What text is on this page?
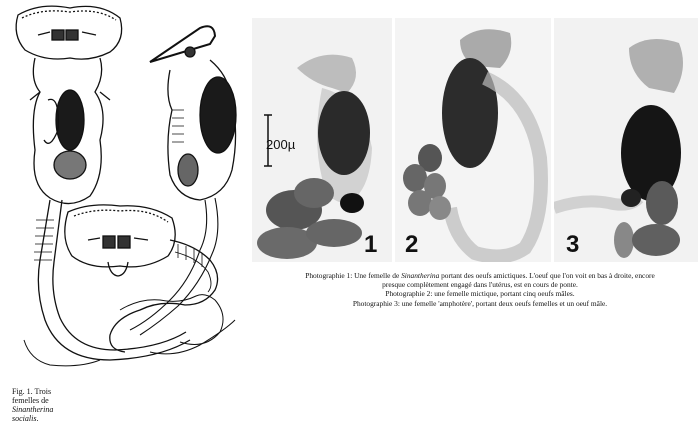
200µ
1 2	3
Photographie 1: Une femelle de Sinantherina portant des oeufs amictiques. L'oeuf que l'on voit en bas à droite, encore
presque complètement engagé dans l'utérus, est en cours de ponte.
Photographie 2: une femelle mictique, portant cinq oeufs mâles.
Photographie 3: une femelle 'amphotère', portant deux oeufs femelles et un oeuf mâle.
Fig. 1. Trois femelles de Sinantherina socialis.
